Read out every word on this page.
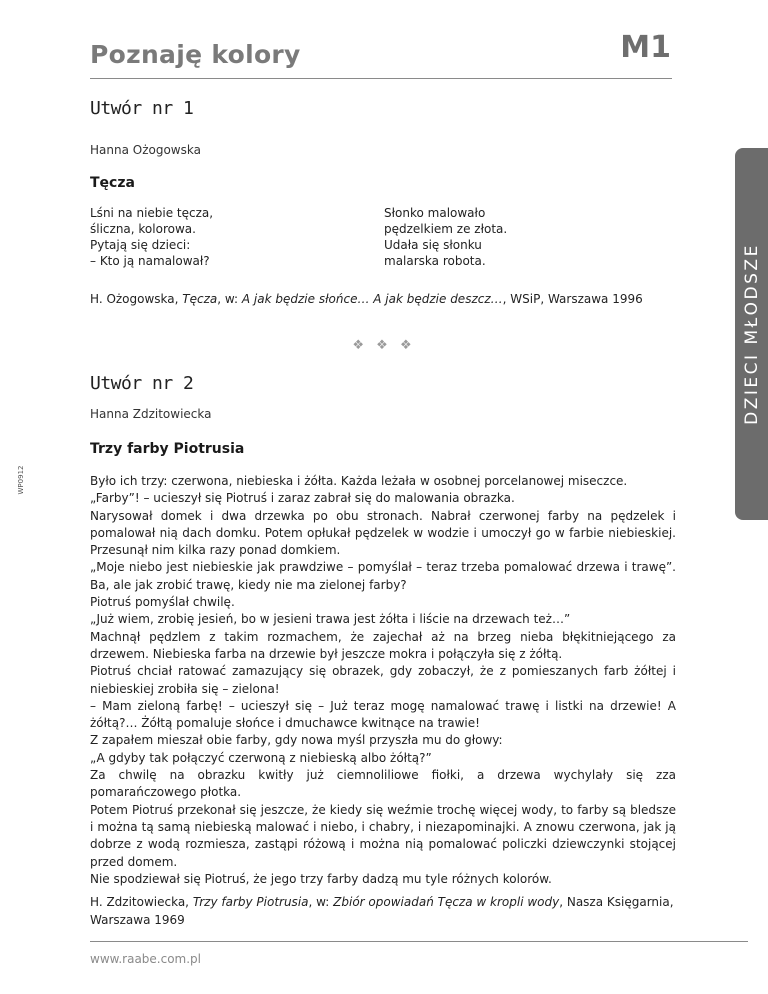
Poznaję kolory	M1
DZIECI MŁODSZE
WP0912
Utwór nr 1
Hanna Ożogowska
Tęcza
Lśni na niebie tęcza,
śliczna, kolorowa.
Pytają się dzieci:
– Kto ją namalował?
Słonko malowało
pędzelkiem ze złota.
Udała się słonku
malarska robota.
H. Ożogowska, Tęcza, w: A jak będzie słońce… A jak będzie deszcz…, WSiP, Warszawa 1996
❖ ❖ ❖
Utwór nr 2
Hanna Zdzitowiecka
Trzy farby Piotrusia

Było ich trzy: czerwona, niebieska i żółta. Każda leżała w osobnej porcelanowej miseczce.

„Farby”! – ucieszył się Piotruś i zaraz zabrał się do malowania obrazka.

Narysował domek i dwa drzewka po obu stronach. Nabrał czerwonej farby na pędzelek i pomalował nią dach domku. Potem opłukał pędzelek w wodzie i umoczył go w farbie niebieskiej. Przesunął nim kilka razy ponad domkiem.

„Moje niebo jest niebieskie jak prawdziwe – pomyślał – teraz trzeba pomalować drzewa i trawę”. Ba, ale jak zrobić trawę, kiedy nie ma zielonej farby?

Piotruś pomyślał chwilę.

„Już wiem, zrobię jesień, bo w jesieni trawa jest żółta i liście na drzewach też…”

Machnął pędzlem z takim rozmachem, że zajechał aż na brzeg nieba błękitniejącego za drzewem. Niebieska farba na drzewie był jeszcze mokra i połączyła się z żółtą.

Piotruś chciał ratować zamazujący się obrazek, gdy zobaczył, że z pomieszanych farb żółtej i niebieskiej zrobiła się – zielona!

– Mam zieloną farbę! – ucieszył się – Już teraz mogę namalować trawę i listki na drzewie! A żółtą?… Żółtą pomaluje słońce i dmuchawce kwitnące na trawie!

Z zapałem mieszał obie farby, gdy nowa myśl przyszła mu do głowy:

„A gdyby tak połączyć czerwoną z niebieską albo żółtą?”

Za chwilę na obrazku kwitły już ciemnoliliowe fiołki, a drzewa wychylały się zza pomarańczowego płotka.

Potem Piotruś przekonał się jeszcze, że kiedy się weźmie trochę więcej wody, to farby są bledsze i można tą samą niebieską malować i niebo, i chabry, i niezapominajki. A znowu czerwona, jak ją dobrze z wodą rozmiesza, zastąpi różową i można nią pomalować policzki dziewczynki stojącej przed domem.

Nie spodziewał się Piotruś, że jego trzy farby dadzą mu tyle różnych kolorów.

H. Zdzitowiecka, Trzy farby Piotrusia, w: Zbiór opowiadań Tęcza w kropli wody, Nasza Księgarnia, Warszawa 1969
www.raabe.com.pl
